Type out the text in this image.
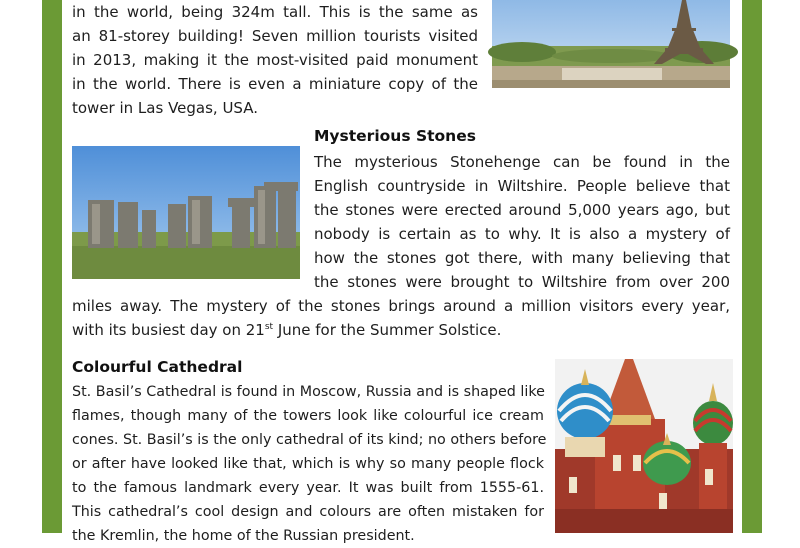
in the world, being 324m tall. This is the same as
an 81-storey building! Seven million tourists visited
in 2013, making it the most-visited paid monument
in the world. There is even a miniature copy of the
tower in Las Vegas, USA.
Mysterious Stones
The mysterious Stonehenge can be found in the
English countryside in Wiltshire. People believe that
the stones were erected around 5,000 years ago, but
nobody is certain as to why. It is also a mystery of
how the stones got there, with many believing that
the stones were brought to Wiltshire from over 200
miles away. The mystery of the stones brings around a million visitors every year,
with its busiest day on 21st June for the Summer Solstice.
Colourful Cathedral
St. Basil’s Cathedral is found in Moscow, Russia and is shaped like
flames, though many of the towers look like colourful ice cream
cones. St. Basil’s is the only cathedral of its kind; no others before
or after have looked like that, which is why so many people flock
to the famous landmark every year. It was built from 1555-61.
This cathedral’s cool design and colours are often mistaken for
the Kremlin, the home of the Russian president.
